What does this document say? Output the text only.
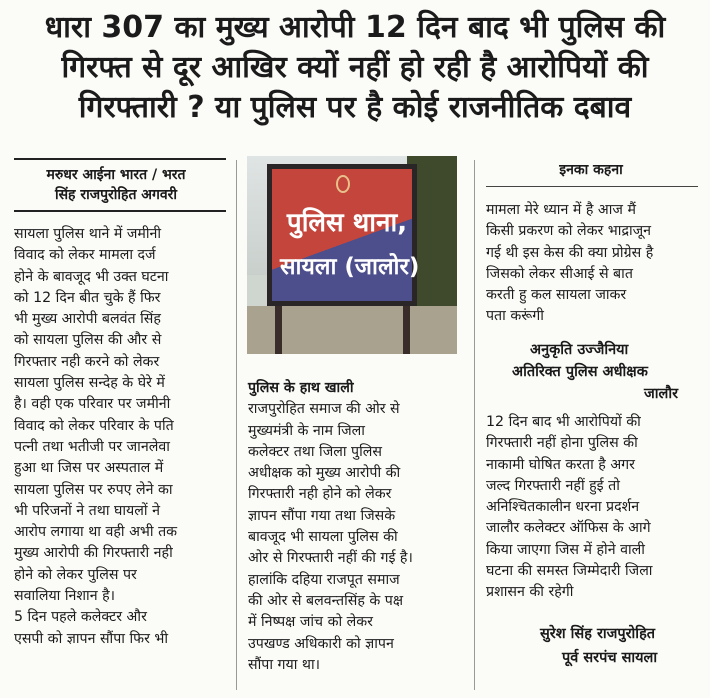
धारा 307 का मुख्य आरोपी 12 दिन बाद भी पुलिस की
गिरफ्त से दूर आखिर क्यों नहीं हो रही है आरोपियों की
गिरफ्तारी ? या पुलिस पर है कोई राजनीतिक दबाव
मरुधर आईना भारत / भरत
सिंह राजपुरोहित अगवरी

सायला पुलिस थाने में जमीनी

विवाद को लेकर मामला दर्ज

होने के बावजूद भी उक्त घटना

को 12 दिन बीत चुके हैं फिर

भी मुख्य आरोपी बलवंत सिंह

को सायला पुलिस की और से

गिरफ्तार नही करने को लेकर

सायला पुलिस सन्देह के घेरे में

है। वही एक परिवार पर जमीनी

विवाद को लेकर परिवार के पति

पत्नी तथा भतीजी पर जानलेवा

हुआ था जिस पर अस्पताल में

सायला पुलिस पर रुपए लेने का

भी परिजनों ने तथा घायलों ने

आरोप लगाया था वही अभी तक

मुख्य आरोपी की गिरफ्तारी नही

होने को लेकर पुलिस पर

सवालिया निशान है।

5 दिन पहले कलेक्टर और

एसपी को ज्ञापन सौंपा फिर भी

पुलिस थाना,
सायला (जालोर)

पुलिस के हाथ खाली

राजपुरोहित समाज की ओर से

मुख्यमंत्री के नाम जिला

कलेक्टर तथा जिला पुलिस

अधीक्षक को मुख्य आरोपी की

गिरफ्तारी नही होने को लेकर

ज्ञापन सौंपा गया तथा जिसके

बावजूद भी सायला पुलिस की

ओर से गिरफ्तारी नहीं की गई है।

हालांकि दहिया राजपूत समाज

की ओर से बलवन्तसिंह के पक्ष

में निष्पक्ष जांच को लेकर

उपखण्ड अधिकारी को ज्ञापन

सौंपा गया था।

इनका कहना

मामला मेरे ध्यान में है आज मैं

किसी प्रकरण को लेकर भाद्राजून

गई थी इस केस की क्या प्रोग्रेस है

जिसको लेकर सीआई से बात

करती हु कल सायला जाकर

पता करूंगी

अनुकृति उज्जैनिया
अतिरिक्त पुलिस अधीक्षक
जालौर

12 दिन बाद भी आरोपियों की

गिरफ्तारी नहीं होना पुलिस की

नाकामी घोषित करता है अगर

जल्द गिरफ्तारी नहीं हुई तो

अनिश्चितकालीन धरना प्रदर्शन

जालौर कलेक्टर ऑफिस के आगे

किया जाएगा जिस में होने वाली

घटना की समस्त जिम्मेदारी जिला

प्रशासन की रहेगी

सुरेश सिंह राजपुरोहित
पूर्व सरपंच सायला
